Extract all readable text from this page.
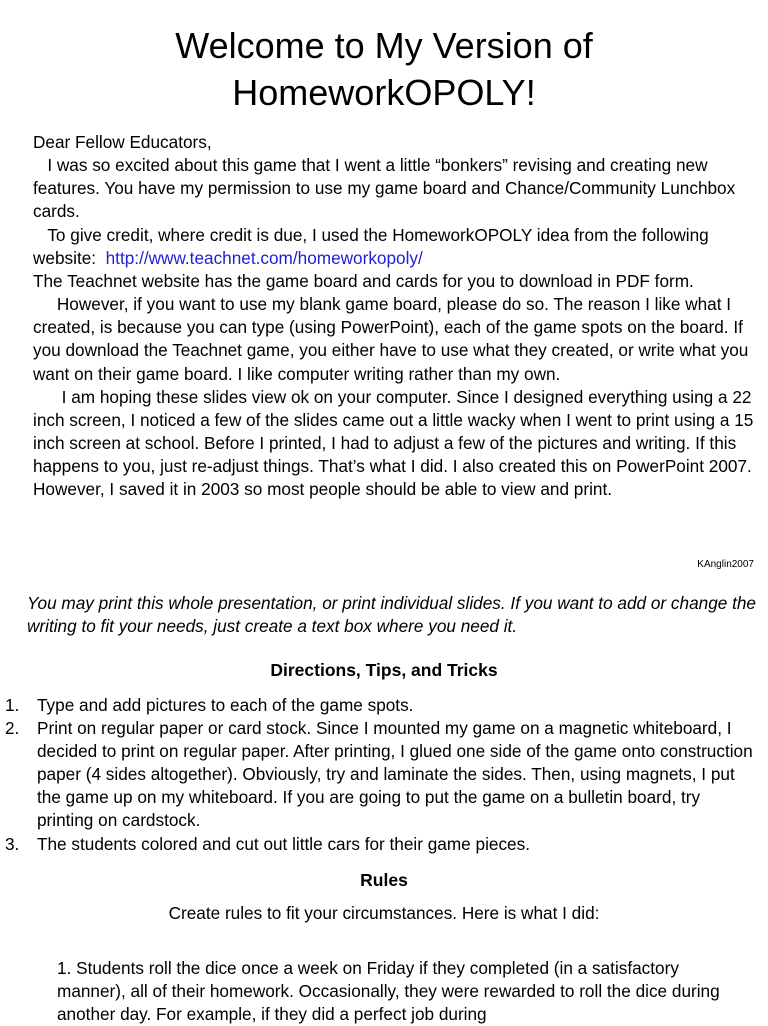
Welcome to My Version of
HomeworkOPOLY!

Dear Fellow Educators,

I was so excited about this game that I went a little “bonkers” revising and creating new features. You have my permission to use my game board and Chance/Community Lunchbox cards.

To give credit, where credit is due, I used the HomeworkOPOLY idea from the following website: http://www.teachnet.com/homeworkopoly/

The Teachnet website has the game board and cards for you to download in PDF form.

However, if you want to use my blank game board, please do so. The reason I like what I created, is because you can type (using PowerPoint), each of the game spots on the board. If you download the Teachnet game, you either have to use what they created, or write what you want on their game board. I like computer writing rather than my own.

I am hoping these slides view ok on your computer. Since I designed everything using a 22 inch screen, I noticed a few of the slides came out a little wacky when I went to print using a 15 inch screen at school. Before I printed, I had to adjust a few of the pictures and writing. If this happens to you, just re-adjust things. That’s what I did. I also created this on PowerPoint 2007. However, I saved it in 2003 so most people should be able to view and print.

KAnglin2007
You may print this whole presentation, or print individual slides. If you want to add or change the writing to fit your needs, just create a text box where you need it.
Directions, Tips, and Tricks
1. Type and add pictures to each of the game spots.
2. Print on regular paper or card stock. Since I mounted my game on a magnetic whiteboard, I decided to print on regular paper. After printing, I glued one side of the game onto construction paper (4 sides altogether). Obviously, try and laminate the sides. Then, using magnets, I put the game up on my whiteboard. If you are going to put the game on a bulletin board, try printing on cardstock.
3. The students colored and cut out little cars for their game pieces.
Rules
Create rules to fit your circumstances. Here is what I did:
1. Students roll the dice once a week on Friday if they completed (in a satisfactory manner), all of their homework. Occasionally, they were rewarded to roll the dice during another day. For example, if they did a perfect job during
